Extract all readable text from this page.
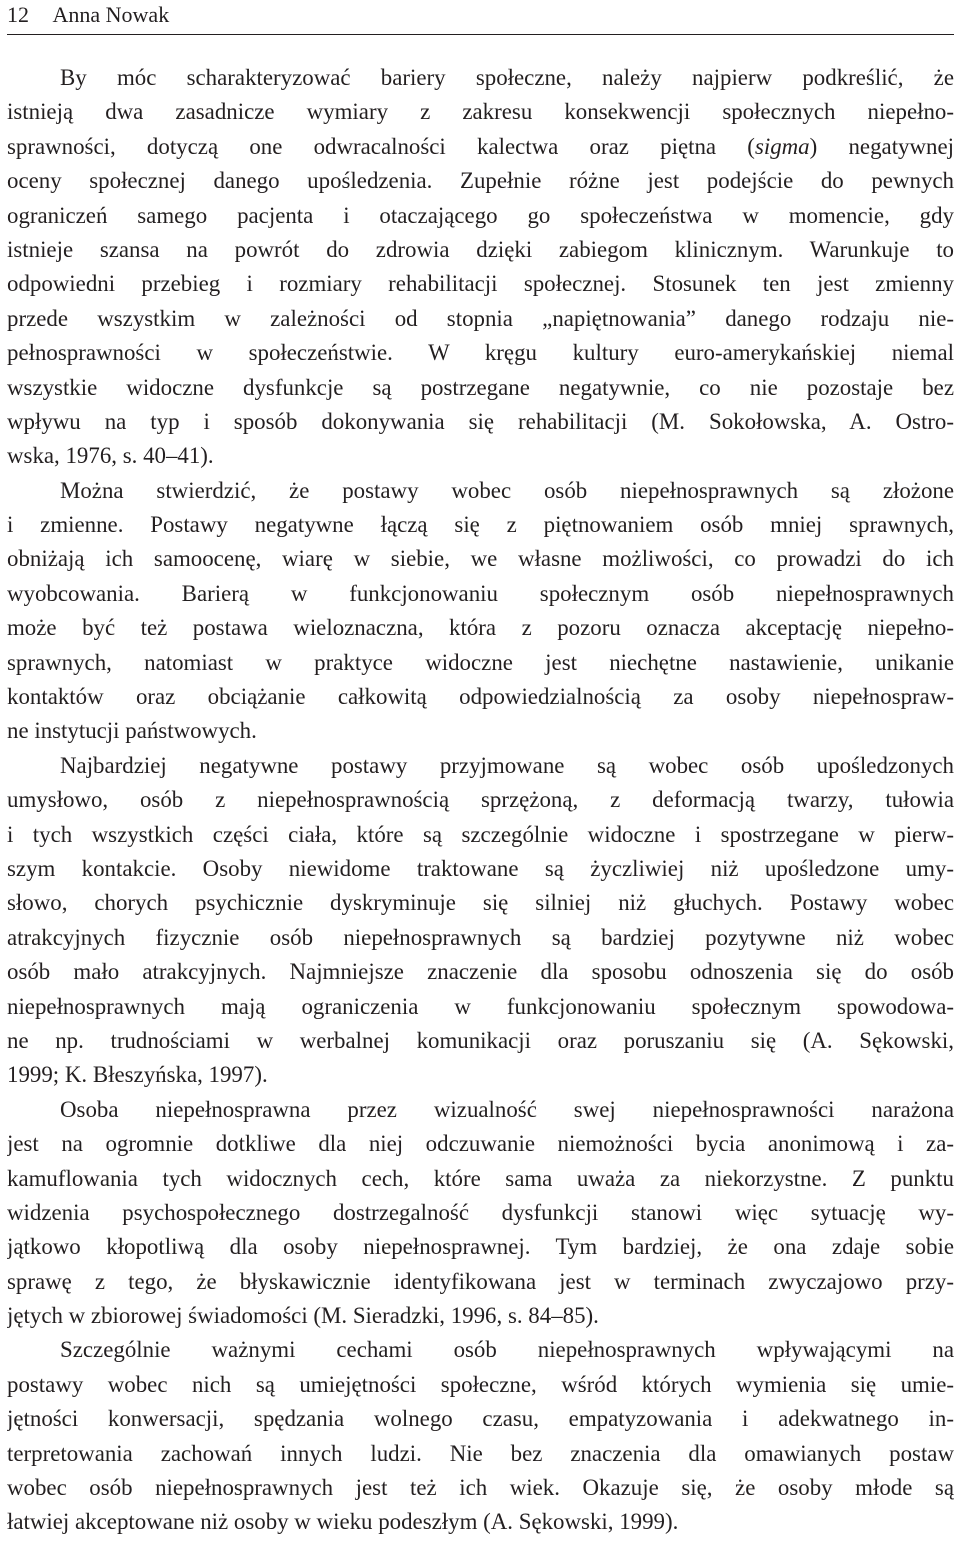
12 Anna Nowak
By móc scharakteryzować bariery społeczne, należy najpierw podkreślić, że
istnieją dwa zasadnicze wymiary z zakresu konsekwencji społecznych niepełno-
sprawności, dotyczą one odwracalności kalectwa oraz piętna (sigma) negatywnej
oceny społecznej danego upośledzenia. Zupełnie różne jest podejście do pewnych
ograniczeń samego pacjenta i otaczającego go społeczeństwa w momencie, gdy
istnieje szansa na powrót do zdrowia dzięki zabiegom klinicznym. Warunkuje to
odpowiedni przebieg i rozmiary rehabilitacji społecznej. Stosunek ten jest zmienny
przede wszystkim w zależności od stopnia „napiętnowania” danego rodzaju nie-
pełnosprawności w społeczeństwie. W kręgu kultury euro-amerykańskiej niemal
wszystkie widoczne dysfunkcje są postrzegane negatywnie, co nie pozostaje bez
wpływu na typ i sposób dokonywania się rehabilitacji (M. Sokołowska, A. Ostro-
wska, 1976, s. 40–41).
Można stwierdzić, że postawy wobec osób niepełnosprawnych są złożone
i zmienne. Postawy negatywne łączą się z piętnowaniem osób mniej sprawnych,
obniżają ich samoocenę, wiarę w siebie, we własne możliwości, co prowadzi do ich
wyobcowania. Barierą w funkcjonowaniu społecznym osób niepełnosprawnych
może być też postawa wieloznaczna, która z pozoru oznacza akceptację niepełno-
sprawnych, natomiast w praktyce widoczne jest niechętne nastawienie, unikanie
kontaktów oraz obciążanie całkowitą odpowiedzialnością za osoby niepełnospraw-
ne instytucji państwowych.
Najbardziej negatywne postawy przyjmowane są wobec osób upośledzonych
umysłowo, osób z niepełnosprawnością sprzężoną, z deformacją twarzy, tułowia
i tych wszystkich części ciała, które są szczególnie widoczne i spostrzegane w pierw-
szym kontakcie. Osoby niewidome traktowane są życzliwiej niż upośledzone umy-
słowo, chorych psychicznie dyskryminuje się silniej niż głuchych. Postawy wobec
atrakcyjnych fizycznie osób niepełnosprawnych są bardziej pozytywne niż wobec
osób mało atrakcyjnych. Najmniejsze znaczenie dla sposobu odnoszenia się do osób
niepełnosprawnych mają ograniczenia w funkcjonowaniu społecznym spowodowa-
ne np. trudnościami w werbalnej komunikacji oraz poruszaniu się (A. Sękowski,
1999; K. Błeszyńska, 1997).
Osoba niepełnosprawna przez wizualność swej niepełnosprawności narażona
jest na ogromnie dotkliwe dla niej odczuwanie niemożności bycia anonimową i za-
kamuflowania tych widocznych cech, które sama uważa za niekorzystne. Z punktu
widzenia psychospołecznego dostrzegalność dysfunkcji stanowi więc sytuację wy-
jątkowo kłopotliwą dla osoby niepełnosprawnej. Tym bardziej, że ona zdaje sobie
sprawę z tego, że błyskawicznie identyfikowana jest w terminach zwyczajowo przy-
jętych w zbiorowej świadomości (M. Sieradzki, 1996, s. 84–85).
Szczególnie ważnymi cechami osób niepełnosprawnych wpływającymi na
postawy wobec nich są umiejętności społeczne, wśród których wymienia się umie-
jętności konwersacji, spędzania wolnego czasu, empatyzowania i adekwatnego in-
terpretowania zachowań innych ludzi. Nie bez znaczenia dla omawianych postaw
wobec osób niepełnosprawnych jest też ich wiek. Okazuje się, że osoby młode są
łatwiej akceptowane niż osoby w wieku podeszłym (A. Sękowski, 1999).
